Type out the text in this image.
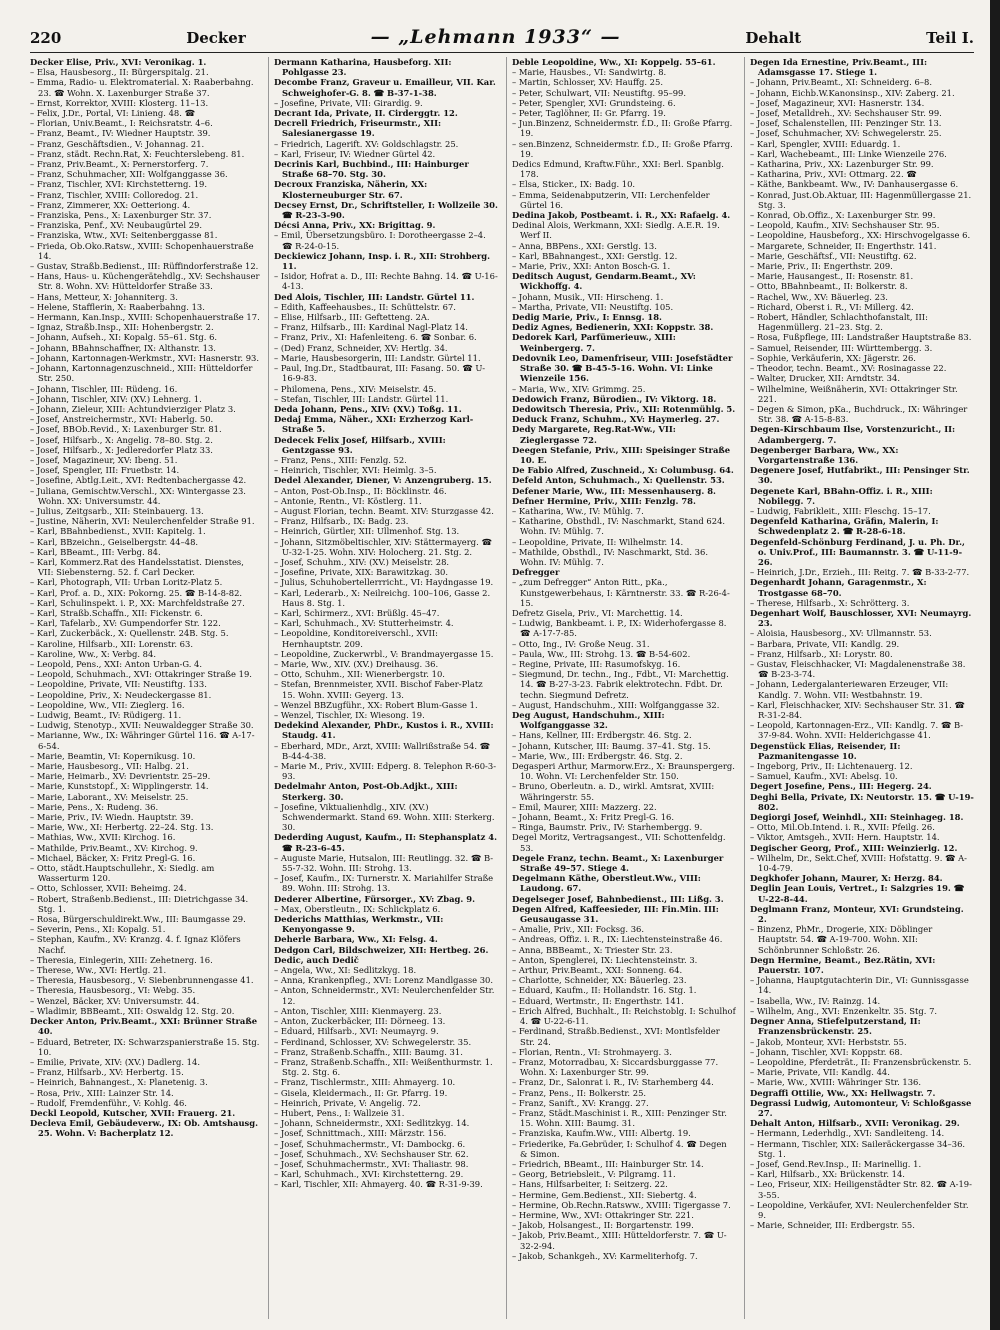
220	Decker	— „Lehmann 1933“ —	Dehalt	Teil I.
Decker Elise, Priv., XVI: Veronikag. 1.
– Elsa, Hausbesorg., II: Bürgerspitalg. 21.
– Emma, Radio- u. Elektromaterial. X: Raaberbahng. 23. ☎ Wohn. X. Laxenburger Straße 37.
– Ernst, Korrektor, XVIII: Klosterg. 11–13.
– Felix, J.Dr., Portal, VI: Linieng. 48. ☎
– Florian, Univ.Beamt., I: Reichsratstr. 4–6.
– Franz, Beamt., IV: Wiedner Hauptstr. 39.
– Franz, Geschäftsdien., V: Johannag. 21.
– Franz, städt. Rechn.Rat, X: Feuchterslebeng. 81.
– Franz, Priv.Beamt., X: Pernerstorferg. 7.
– Franz, Schuhmacher, XII: Wolfganggasse 36.
– Franz, Tischler, XVI: Kirchstetterng. 19.
– Franz, Tischler, XVIII: Colloredog. 21.
– Franz, Zimmerer, XX: Oetteriong. 4.
– Franziska, Pens., X: Laxenburger Str. 37.
– Franziska, Penf., XV: Neubaugürtel 29.
– Franziska, Wtw., XVI: Seitenberggasse 81.
– Frieda, Ob.Oko.Ratsw., XVIII: Schopenhauerstraße 14.
– Gustav, Straßb.Bedienst., III: Rüffindorferstraße 12.
– Hans, Haus- u. Küchengerätehdlg., XV: Sechshauser Str. 8. Wohn. XV: Hütteldorfer Straße 33.
– Hans, Metteur, X: Johanniterg. 3.
– Helene, Stafflerin, X: Raaberbahng. 13.
– Hermann, Kan.Insp., XVIII: Schopenhauerstraße 17.
– Ignaz, Straßb.Insp., XII: Hohenbergstr. 2.
– Johann, Aufseh., XI: Kopalg. 55–61. Stg. 6.
– Johann, BBahnschaffner, IX: Althanstr. 13.
– Johann, Kartonnagen-Werkmstr., XVI: Hasnerstr. 93.
– Johann, Kartonnagenzuschneid., XIII: Hütteldorfer Str. 250.
– Johann, Tischler, III: Rüdeng. 16.
– Johann, Tischler, XIV: (XV.) Lehnerg. 1.
– Johann, Zieleur, XIII: Achtundvierziger Platz 3.
– Josef, Anstreichermstr., XVI: Haberlg. 50.
– Josef, BBOb.Revid., X: Laxenburger Str. 81.
– Josef, Hilfsarb., X: Angelig. 78–80. Stg. 2.
– Josef, Hilfsarb., X: Jedleredorfer Platz 33.
– Josef, Magazineur, XV: Ibeng. 51.
– Josef, Spengler, III: Fruetbstr. 14.
– Josefine, Abtlg.Leit., XVI: Redtenbachergasse 42.
– Juliana, Gemischtw.Verschl., XX: Wintergasse 23. Wohn. XX: Universumstr. 44.
– Julius, Zeitgsarb., XII: Steinbauerg. 13.
– Justine, Näherin, XVI: Neulerchenfelder Straße 91.
– Karl, BBahnbedienst., XVII: Kapitelg. 1.
– Karl, BBzeichn., Geiselbergstr. 44–48.
– Karl, BBeamt., III: Verbg. 84.
– Karl, Kommerz.Rat des Handelsstatist. Dienstes, VII: Siebensterng. 52. f. Carl Decker.
– Karl, Photograph, VII: Urban Loritz-Platz 5.
– Karl, Prof. a. D., XIX: Pokorng. 25. ☎ B-14-8-82.
– Karl, Schulinspekt. i. P., XX: Marchfeldstraße 27.
– Karl, Straßb.Schaffn., XII: Fickenstr. 6.
– Karl, Tafelarb., XV: Gumpendorfer Str. 122.
– Karl, Zuckerbäck., X: Quellenstr. 24B. Stg. 5.
– Karoline, Hilfsarb., XII: Lorenstr. 63.
– Karoline, Ww., X: Verbg. 84.
– Leopold, Pens., XXI: Anton Urban-G. 4.
– Leopold, Schuhmach., XVI: Ottakringer Straße 19.
– Leopoldine, Private, VII: Neustiftg. 133.
– Leopoldine, Priv., X: Neudeckergasse 81.
– Leopoldine, Ww., VII: Zieglerg. 16.
– Ludwig, Beamt., IV: Rüdigerg. 11.
– Ludwig, Stenotyp., XVII: Neuwaldegger Straße 30.
– Marianne, Ww., IX: Währinger Gürtel 116. ☎ A-17-6-54.
– Marie, Beamtin, VI: Kopernikusg. 10.
– Marie, Hausbesorg., VII: Halbg. 21.
– Marie, Heimarb., XV: Devrientstr. 25–29.
– Marie, Kunststopf., X: Wipplingerstr. 14.
– Marie, Laborant., XV: Meiselstr. 25.
– Marie, Pens., X: Rudeng. 36.
– Marie, Priv., IV: Wiedn. Hauptstr. 39.
– Marie, Ww., XI: Herbertg. 22–24. Stg. 13.
– Mathias, Ww., XVII: Kirchog. 16.
– Mathilde, Priv.Beamt., XV: Kirchog. 9.
– Michael, Bäcker, X: Fritz Pregl-G. 16.
– Otto, städt.Hauptschullehr., X: Siedlg. am Wasserturm 120.
– Otto, Schlosser, XVII: Beheimg. 24.
– Robert, Straßenb.Bedienst., III: Dietrichgasse 34. Stg. 1.
– Rosa, Bürgerschuldirekt.Ww., III: Baumgasse 29.
– Severin, Pens., XI: Kopalg. 51.
– Stephan, Kaufm., XV: Kranzg. 4. f. Ignaz Klöfers Nachf.
– Theresia, Einlegerin, XIII: Zehetnerg. 16.
– Therese, Ww., XVI: Hertlg. 21.
– Theresia, Hausbesorg., V: Siebenbrunnengasse 41.
– Theresia, Hausbesorg., VI: Webg. 35.
– Wenzel, Bäcker, XV: Universumstr. 44.
– Wladimir, BBBeamt., XII: Oswaldg 12. Stg. 20.
Decker Anton, Priv.Beamt., XXI: Brünner Straße 40.
– Eduard, Betreter, IX: Schwarzspanierstraße 15. Stg. 10.
– Emilie, Private, XIV: (XV.) Dadlerg. 14.
– Franz, Hilfsarb., XV: Herbertg. 15.
– Heinrich, Bahnangest., X: Planetenig. 3.
– Rosa, Priv., XIII: Lainzer Str. 14.
– Rudolf, Fremdenführ., V: Kohlg. 46.
Deckl Leopold, Kutscher, XVII: Frauerg. 21.
Decleva Emil, Gebäudeverw., IX: Ob. Amtshausg. 25. Wohn. V: Bacherplatz 12.
Dermann Katharina, Hausbeforg. XII: Pohlgasse 23.
Decombe Franz, Graveur u. Emailleur, VII. Kar. Schweighofer-G. 8. ☎ B-37-1-38.
– Josefine, Private, VII: Girardig. 9.
Decrant Ida, Private, II. Cirderggtr. 12.
Decrell Friedrich, Friseurmstr., XII: Salesianergasse 19.
– Friedrich, Lagerift. XV: Goldschlagstr. 25.
– Karl, Friseur, IV: Wiedner Gürtel 42.
Decrinis Karl, Buchbind., III: Hainburger Straße 68–70. Stg. 30.
Decroux Franziska, Näherin, XX: Klosterneuburger Str. 67.
Decsey Ernst, Dr., Schriftsteller, I: Wollzeile 30. ☎ R-23-3-90.
Décsi Anna, Priv., XX: Brigittag. 9.
– Emil, Übersetzungsbüro. I: Dorotheergasse 2–4. ☎ R-24-0-15.
Deckiewicz Johann, Insp. i. R., XII: Strohberg. 11.
– Isidor, Hofrat a. D., III: Rechte Bahng. 14. ☎ U-16-4-13.
Ded Alois, Tischler, III: Landstr. Gürtel 11.
– Edith, Kaffeehausbes., II: Schüttelstr. 67.
– Elise, Hilfsarb., III: Geftetteng. 2A.
– Franz, Hilfsarb., III: Kardinal Nagl-Platz 14.
– Franz, Priv., XI: Hafenleiteng. 6. ☎ Sonbar. 6.
– (Ded) Franz, Schneider, XV: Hertlg. 34.
– Marie, Hausbesorgerin, III: Landstr. Gürtel 11.
– Paul, Ing.Dr., Stadtbaurat, III: Fasang. 50. ☎ U-16-9-83.
– Philomena, Pens., XIV: Meiselstr. 45.
– Stefan, Tischler, III: Landstr. Gürtel 11.
Deda Johann, Pens., XIV: (XV.) Toßg. 11.
Dedaj Emma, Näher., XXI: Erzherzog Karl-Straße 5.
Dedecek Felix Josef, Hilfsarb., XVIII: Gentzgasse 93.
– Franz, Pens., XIII: Fenzlg. 52.
– Heinrich, Tischler, XVI: Heimlg. 3–5.
Dedel Alexander, Diener, V: Anzengruberg. 15.
– Anton, Post-Ob.Insp., II: Böcklinstr. 46.
– Antonie, Rentn., VI: Köstlerg. 11.
– August Florian, techn. Beamt. XIV: Sturzgasse 42.
– Franz, Hilfsarb., IX: Badg. 23.
– Heinrich, Gürtler, XII: Ullmenhof. Stg. 13.
– Johann, Sitzmöbeltischler, XIV: Stättermayerg. ☎ U-32-1-25. Wohn. XIV: Holocherg. 21. Stg. 2.
– Josef, Schuhm., XIV: (XV.) Meiselstr. 28.
– Josefine, Private, XIX: Barawitzkag. 30.
– Julius, Schuhobertellerrricht., VI: Haydngasse 19.
– Karl, Lederarb., X: Neilreichg. 100–106, Gasse 2. Haus 8. Stg. 1.
– Karl, Schirmerz., XVI: Brüßlg. 45–47.
– Karl, Schuhmach., XV: Stutterheimstr. 4.
– Leopoldine, Konditoreiverschl., XVII: Hernhauptstr. 209.
– Leopoldine, Zuckerwrbl., V: Brandmayergasse 15.
– Marie, Ww., XIV. (XV.) Dreihausg. 36.
– Otto, Schuhm., XII: Wienerbergstr. 10.
– Stefan, Brennmeister, XVII. Bischof Faber-Platz 15. Wohn. XVIII: Geyerg. 13.
– Wenzel BBZugführ., XX: Robert Blum-Gasse 1.
– Wenzel, Tischler, IX: Wiesong. 19.
Dedekind Alexander, PhDr., Kustos i. R., XVIII: Staudg. 41.
– Eberhard, MDr., Arzt, XVIII: Wallrißstraße 54. ☎ B-44-4-38.
– Marie M., Priv., XVIII: Edperg. 8. Telephon R-60-3-93.
Dedelmahr Anton, Post-Ob.Adjkt., XIII: Sterkerg. 30.
– Josefine, Viktualienhdlg., XIV. (XV.) Schwendermarkt. Stand 69. Wohn. XIII: Sterkerg. 30.
Dederding August, Kaufm., II: Stephansplatz 4. ☎ R-23-6-45.
– Auguste Marie, Hutsalon, III: Reutlingg. 32. ☎ B-55-7-32. Wohn. III: Strohg. 13.
– Josef, Kaufm., IX: Turnerstr. X. Mariahilfer Straße 89. Wohn. III: Strohg. 13.
Dederer Albertine, Fürsorger., XV: Zbag. 9.
– Max, Oberstleutn., IX: Schlickplatz 6.
Dederichs Matthias, Werkmstr., VII: Kenyongasse 9.
Deherle Barbara, Ww., XI: Felsg. 4.
Dedgon Carl, Bildschweizer, XII: Hertbeg. 26.
Dedic, auch Dedič
– Angela, Ww., XI: Sedlitzkyg. 18.
– Anna, Krankenpfleg., XVI: Lorenz Mandlgasse 30.
– Anton, Schneidermstr., XVI: Neulerchenfelder Str. 12.
– Anton, Tischler, XIII: Kienmayerg. 23.
– Anton, Zuckerbäcker, III: Dörneeg. 13.
– Eduard, Hilfsarb., XVI: Neumayrg. 9.
– Ferdinand, Schlosser, XV: Schwegelerstr. 35.
– Franz, Straßenb.Schaffn., XIII: Baumg. 31.
– Franz, Straßenb.Schaffn., XII: Weißenthurmstr. 1. Stg. 2. Stg. 6.
– Franz, Tischlermstr., XIII: Ahmayerg. 10.
– Gisela, Kleidermach., II: Gr. Pfarrg. 19.
– Heinrich, Private, V: Angelig. 72.
– Hubert, Pens., I: Wallzeie 31.
– Johann, Schneidermstr., XXI: Sedlitzkyg. 14.
– Josef, Schnittmach., XIII: Märzstr. 156.
– Josef, Schuhmachermstr., VI: Dambockg. 6.
– Josef, Schuhmach., XV: Sechshauser Str. 62.
– Josef, Schuhmachermstr., XVI: Thaliastr. 98.
– Karl, Schuhmach., XVI: Kirchstetterng. 29.
– Karl, Tischler, XII: Ahmayerg. 40. ☎ R-31-9-39.
Deble Leopoldine, Ww., XI: Koppelg. 55–61.
– Marie, Hausbes., VI: Sandwirtg. 8.
– Martin, Schlosser, XV: Hauffg. 25.
– Peter, Schulwart, VII: Neustiftg. 95–99.
– Peter, Spengler, XVI: Grundsteing. 6.
– Peter, Taglöhner, II: Gr. Pfarrg. 19.
– Jun.Binzenz, Schneidermstr. f.D., II: Große Pfarrg. 19.
– sen.Binzenz, Schneidermstr. f.D., II: Große Pfarrg. 19.
Dedics Edmund, Kraftw.Führ., XXI: Berl. Spanblg. 178.
– Elsa, Sticker., IX: Badg. 10.
– Emma, Seidenabputzerin, VII: Lerchenfelder Gürtel 16.
Dedina Jakob, Postbeamt. i. R., XX: Rafaelg. 4.
Dedinal Alois, Werkmann, XXI: Siedlg. A.E.R. 19. Werf II.
– Anna, BBPens., XXI: Gerstlg. 13.
– Karl, BBahnangest., XXI: Gerstlg. 12.
– Marie, Priv., XXI: Anton Bosch-G. 1.
Deditsch August, Gendarm.Beamt., XV: Wickhoffg. 4.
– Johann, Musik., VII: Hirscheng. 1.
– Martha, Private, VII: Neustiftg. 105.
Dedig Marie, Priv., I: Ennsg. 18.
Dediz Agnes, Bedienerin, XXI: Koppstr. 38.
Dedorek Karl, Parfümerieuw., XIII: Weinbergerg. 7.
Dedovnik Leo, Damenfriseur, VIII: Josefstädter Straße 30. ☎ B-45-5-16. Wohn. VI: Linke Wienzeile 156.
– Maria, Ww., XIV: Grimmg. 25.
Dedowich Franz, Bürodien., IV: Viktorg. 18.
Dedowitsch Theresia, Priv., XII: Rotenmühlg. 5.
Deduck Franz, Schuhm., XV: Haymerleg. 27.
Dedy Margarete, Reg.Rat-Ww., VII: Zieglergasse 72.
Deegen Stefanie, Priv., XIII: Speisinger Straße 10. E.
De Fabio Alfred, Zuschneid., X: Columbusg. 64.
Defeld Anton, Schuhmach., X: Quellenstr. 53.
Defener Marie, Ww., III: Messenhauserg. 8.
Defner Hermine, Priv., XIII: Fenzlg. 78.
– Katharina, Ww., IV: Mühlg. 7.
– Katharine, Obsthdl., IV: Naschmarkt, Stand 624. Wohn. IV: Mühlg. 7.
– Leopoldine, Private, II: Wilhelmstr. 14.
– Mathilde, Obsthdl., IV: Naschmarkt, Std. 36. Wohn. IV: Mühlg. 7.
Defregger
– „zum Defregger“ Anton Ritt., pKa., Kunstgewerbehaus, I: Kärntnerstr. 33. ☎ R-26-4-15.
Defretz Gisela, Priv., VI: Marchettig. 14.
– Ludwig, Bankbeamt. i. P., IX: Widerhofergasse 8. ☎ A-17-7-85.
– Otto, Ing., IV: Große Neug. 31.
– Paula, Ww., III: Strohg. 13. ☎ B-54-602.
– Regine, Private, III: Rasumofskyg. 16.
– Siegmund, Dr. techn., Ing., Fdbt., VI: Marchettig. 14. ☎ B-27-3-23. Fabrik elektrotechn. Fdbt. Dr. techn. Siegmund Defretz.
– August, Handschuhm., XIII: Wolfganggasse 32.
Deg August, Handschuhm., XIII: Wolfganggasse 32.
– Hans, Kellner, III: Erdbergstr. 46. Stg. 2.
– Johann, Kutscher, III: Baumg. 37–41. Stg. 15.
– Marie, Ww., III: Erdbergstr. 46. Stg. 2.
Degasperi Arthur, Marmorw.Erz., X: Braunspergerg. 10. Wohn. VI: Lerchenfelder Str. 150.
– Bruno, Oberleutn. a. D., wirkl. Amtsrat, XVIII: Währingerstr. 55.
– Emil, Maurer, XIII: Mazzerg. 22.
– Johann, Beamt., X: Fritz Pregl-G. 16.
– Ringa, Baumstr. Priv., IV: Starhembergg. 9.
Degel Moritz, Vertragsangest., VII: Schottenfeldg. 53.
Degele Franz, techn. Beamt., X: Laxenburger Straße 49–57. Stiege 4.
Degelmann Käthe, Oberstleut.Ww., VIII: Laudong. 67.
Degelseger Josef, Bahnbedienst., III: Lißg. 3.
Degen Alfred, Kaffeesieder, III: Fin.Min. III: Geusaugasse 31.
– Amalie, Priv., XII: Focksg. 36.
– Andreas, Offiz. i. R., IX: Liechtensteinstraße 46.
– Anna, BBBeamt., X: Triester Str. 23.
– Anton, Spenglerei, IX: Liechtensteinstr. 3.
– Arthur, Priv.Beamt., XXI: Sonneng. 64.
– Charlotte, Schneider, XX: Bäuerleg. 23.
– Eduard, Kaufm., II: Hollandstr. 16. Stg. 1.
– Eduard, Wertmstr., II: Engerthstr. 141.
– Erich Alfred, Buchhalt., II: Reichstoblg. I: Schulhof 4. ☎ U-22-6-11.
– Ferdinand, Straßb.Bedienst., XVI: Montlsfelder Str. 24.
– Florian, Rentn., VI: Strohmayerg. 3.
– Franz, Motorradbau, X: Siccardsburggasse 77. Wohn. X: Laxenburger Str. 99.
– Franz, Dr., Salonrat i. R., IV: Starhemberg 44.
– Franz, Pens., II: Bolkerstr. 25.
– Franz, Sanift., XV: Krangg. 27.
– Franz, Städt.Maschinist i. R., XIII: Penzinger Str. 15. Wohn. XIII: Baumg. 31.
– Franziska, Kaufm.Ww., VIII: Albertg. 19.
– Friederike, Fa.Gebrüder, I: Schulhof 4. ☎ Degen & Simon.
– Friedrich, BBeamt., III: Hainburger Str. 14.
– Georg, Betriebsleit., V: Pilgramg. 11.
– Hans, Hilfsarbeiter, I: Seitzerg. 22.
– Hermine, Gem.Bedienst., XII: Siebertg. 4.
– Hermine, Ob.Rechn.Ratsww., XVIII: Tigergasse 7.
– Hermine, Ww., XVI: Ottakringer Str. 221.
– Jakob, Holsangest., II: Borgartenstr. 199.
– Jakob, Priv.Beamt., XIII: Hütteldorferstr. 7. ☎ U-32-2-94.
– Jakob, Schankgeh., XV: Karmeliterhofg. 7.
Degen Ida Ernestine, Priv.Beamt., III: Adamsgasse 17. Stiege 1.
– Johann, Priv.Beamt., XI: Schneiderg. 6–8.
– Johann, Eichb.W.Kanonsinsp., XIV: Zaberg. 21.
– Josef, Magazineur, XVI: Hasnerstr. 134.
– Josef, Metalldreh., XV: Sechshauser Str. 99.
– Josef, Schalenstellen, III: Penzinger Str. 13.
– Josef, Schuhmacher, XV: Schwegelerstr. 25.
– Karl, Spengler, XVIII: Eduardg. 1.
– Karl, Wachebeamt., III: Linke Wienzeile 276.
– Katharina, Priv., XX: Lazenburger Str. 99.
– Katharina, Priv., XVI: Ottmarg. 22. ☎
– Käthe, Bankbeamt. Ww., IV: Danhausergasse 6.
– Konrad, Just.Ob.Aktuar, III: Hagenmüllergasse 21. Stg. 3.
– Konrad, Ob.Offiz., X: Laxenburger Str. 99.
– Leopold, Kaufm., XIV: Sechshauser Str. 95.
– Leopoldine, Hausbeforg., XX: Hirschvogelgasse 6.
– Margarete, Schneider, II: Engerthstr. 141.
– Marie, Geschäftsf., VII: Neustiftg. 62.
– Marie, Priv., II: Engerthstr. 209.
– Marie, Hausangest., II: Rosenstr. 81.
– Otto, BBahnbeamt., II: Bolkerstr. 8.
– Rachel, Ww., XV: Bäuerleg. 23.
– Richard, Oberst i. R., VI: Millerg. 42.
– Robert, Händler, Schlachthofanstalt, III: Hagenmüllerg. 21–23. Stg. 2.
– Rosa, Fußpflege, III: Landstraßer Hauptstraße 83.
– Samuel, Reisender, III: Württembergg. 3.
– Sophie, Verkäuferin, XX: Jägerstr. 26.
– Theodor, techn. Beamt., XV: Rosinagasse 22.
– Walter, Drucker, XII: Arndtstr. 34.
– Wilhelmine, Weißnäherin, XVI: Ottakringer Str. 221.
– Degen & Simon, pKa., Buchdruck., IX: Währinger Str. 38. ☎ A-15-8-83.
Degen-Kirschbaum Ilse, Vorstenzuricht., II: Adambergerg. 7.
Degenberger Barbara, Ww., XX: Vorgartenstraße 136.
Degenere Josef, Hutfabrikt., III: Pensinger Str. 30.
Degenete Karl, BBahn-Offiz. i. R., XIII: Nobilegg. 7.
– Ludwig, Fabrikleit., XIII: Fleschg. 15–17.
Degenfeld Katharina, Gräfin, Malerin, I: Schwedenplatz 2. ☎ R-28-6-18.
Degenfeld-Schönburg Ferdinand, J. u. Ph. Dr., o. Univ.Prof., III: Baumannstr. 3. ☎ U-11-9-26.
– Heinrich, J.Dr., Erzieh., III: Reitg. 7. ☎ B-33-2-77.
Degenhardt Johann, Garagenmstr., X: Trostgasse 68–70.
– Therese, Hilfsarb., X: Schrötterg. 3.
Degenhart Wolf, Bauschlosser, XVI: Neumayrg. 23.
– Aloisia, Hausbesorg., XV: Ullmannstr. 53.
– Barbara, Private, VII: Kandlg. 29.
– Franz, Hilfsarb., XI: Lorystr. 80.
– Gustav, Fleischhacker, VI: Magdalenenstraße 38. ☎ B-23-3-74.
– Johann, Ledergalanteriewaren Erzeuger, VII: Kandlg. 7. Wohn. VII: Westbahnstr. 19.
– Karl, Fleischhacker, XIV: Sechshauser Str. 31. ☎ R-31-2-84.
– Leopold, Kartonnagen-Erz., VII: Kandlg. 7. ☎ B-37-9-84. Wohn. XVII: Helderichgasse 41.
Degenstück Elias, Reisender, II: Pazmanitengasse 10.
– Ingeborg, Priv., II: Lichtenauerg. 12.
– Samuel, Kaufm., XVI: Abelsg. 10.
Degert Josefine, Pens., III: Hegerg. 24.
Deghi Bella, Private, IX: Neutorstr. 15. ☎ U-19-802.
Degiorgi Josef, Weinhdl., XII: Steinhageg. 18.
– Otto, Mil.Ob.Intend. i. R., XVII: Pfeilg. 26.
– Viktor, Amtsgeh., XVII: Hern. Hauptstr. 14.
Degischer Georg, Prof., XIII: Weinzierlg. 12.
– Wilhelm, Dr., Sekt.Chef, XVIII: Hofstattg. 9. ☎ A-10-4-79.
Degkhofer Johann, Maurer, X: Herzg. 84.
Deglin Jean Louis, Vertret., I: Salzgries 19. ☎ U-22-8-44.
Deglmann Franz, Monteur, XVI: Grundsteing. 2.
– Binzenz, PhMr., Drogerie, XIX: Döblinger Hauptstr. 54. ☎ A-19-700. Wohn. XII: Schönbrunner Schloßstr. 26.
Degn Hermine, Beamt., Bez.Rätin, XVI: Pauerstr. 107.
– Johanna, Hauptgutachterin Dir., VI: Gunnissgasse 14.
– Isabella, Ww., IV: Rainzg. 14.
– Wilhelm, Ang., XVI: Enzenkeltr. 35. Stg. 7.
Degner Anna, Stiefelputzerstand, II: Franzensbrückenstr. 25.
– Jakob, Monteur, XVI: Herbststr. 55.
– Johann, Tischler, XVI: Koppstr. 68.
– Leopoldine, Pferdeträt., II: Franzensbrückenstr. 5.
– Marie, Private, VII: Kandlg. 44.
– Marie, Ww., XVIII: Währinger Str. 136.
Degraffi Ottilie, Ww., XX: Hellwagstr. 7.
Degrassi Ludwig, Automonteur, V: Schloßgasse 27.
Dehalt Anton, Hilfsarb., XVII: Veronikag. 29.
– Hermann, Lederhdlg., XVI: Sandleiteng. 14.
– Hermann, Tischler, XIX: Saileräckergasse 34–36. Stg. 1.
– Josef, Gend.Rev.Insp., II: Marinellig. 1.
– Karl, Hilfsarb., XX: Brückenstr. 14.
– Leo, Friseur, XIX: Heiligenstädter Str. 82. ☎ A-19-3-55.
– Leopoldine, Verkäufer, XVI: Neulerchenfelder Str. 9.
– Marie, Schneider, III: Erdbergstr. 55.
